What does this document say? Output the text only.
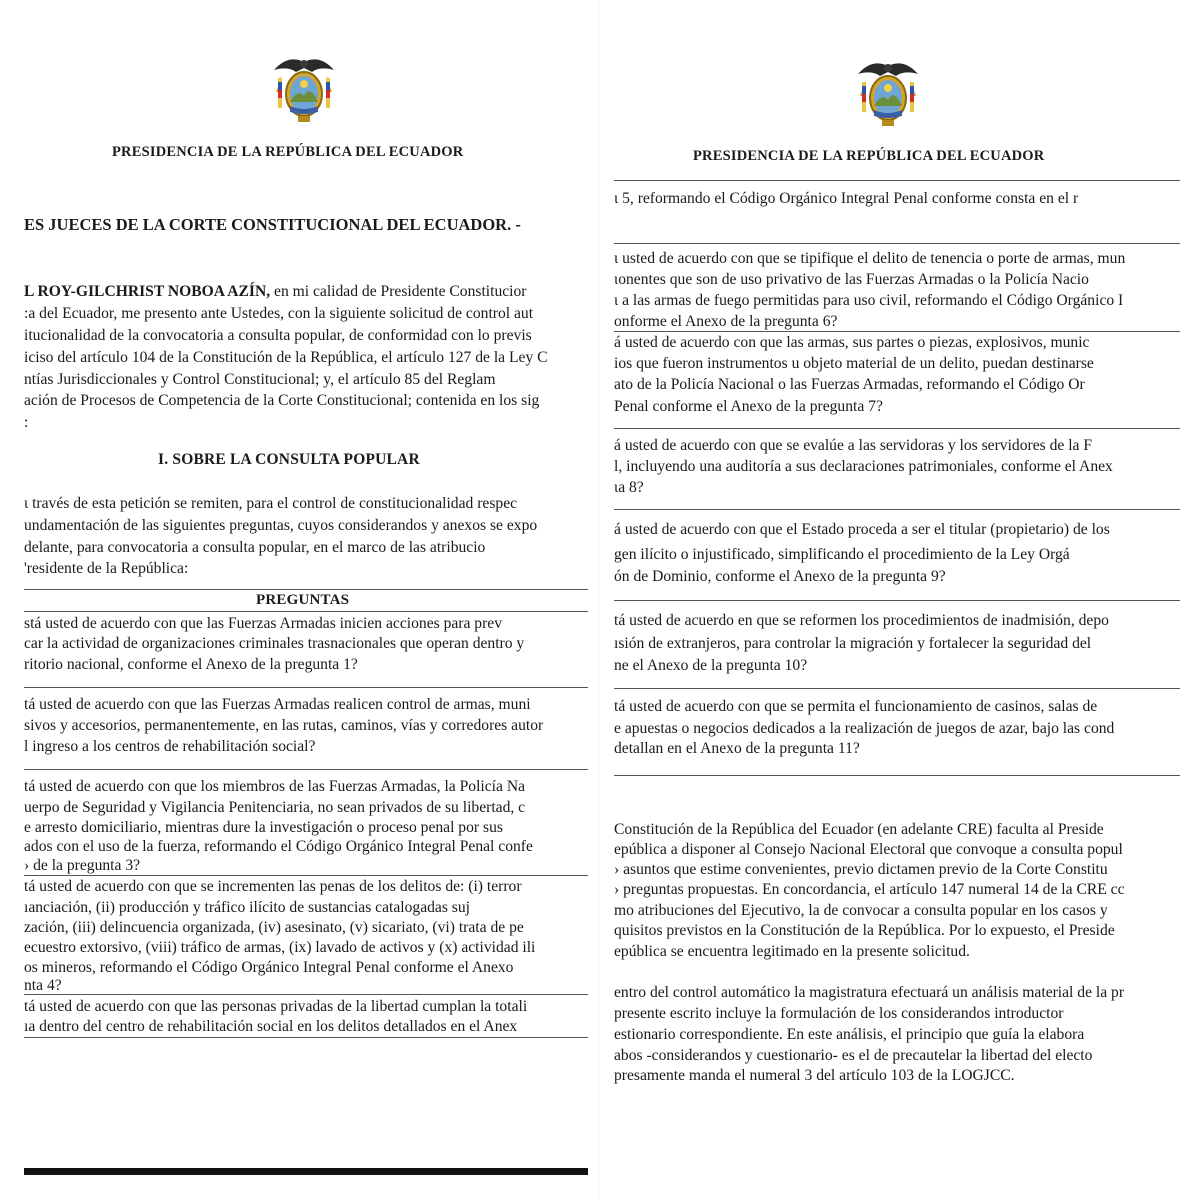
PRESIDENCIA DE LA REPÚBLICA DEL ECUADOR
ES JUECES DE LA CORTE CONSTITUCIONAL DEL ECUADOR. -
L ROY-GILCHRIST NOBOA AZÍN, en mi calidad de Presidente Constitucior
:a del Ecuador, me presento ante Ustedes, con la siguiente solicitud de control aut
itucionalidad de la convocatoria a consulta popular, de conformidad con lo previs
iciso del artículo 104 de la Constitución de la República, el artículo 127 de la Ley C
ntías Jurisdiccionales y Control Constitucional; y, el artículo 85 del Reglam
ación de Procesos de Competencia de la Corte Constitucional; contenida en los sig
:
I. SOBRE LA CONSULTA POPULAR
ι través de esta petición se remiten, para el control de constitucionalidad respec
undamentación de las siguientes preguntas, cuyos considerandos y anexos se expo
delante, para convocatoria a consulta popular, en el marco de las atribucio
'residente de la República:
PREGUNTAS
stá usted de acuerdo con que las Fuerzas Armadas inicien acciones para prev
car la actividad de organizaciones criminales trasnacionales que operan dentro y
ritorio nacional, conforme el Anexo de la pregunta 1?
tá usted de acuerdo con que las Fuerzas Armadas realicen control de armas, muni
sivos y accesorios, permanentemente, en las rutas, caminos, vías y corredores autor
l ingreso a los centros de rehabilitación social?
tá usted de acuerdo con que los miembros de las Fuerzas Armadas, la Policía Na
uerpo de Seguridad y Vigilancia Penitenciaria, no sean privados de su libertad, c
e arresto domiciliario, mientras dure la investigación o proceso penal por sus
ados con el uso de la fuerza, reformando el Código Orgánico Integral Penal confe
› de la pregunta 3?
tá usted de acuerdo con que se incrementen las penas de los delitos de: (i) terror
ıanciación, (ii) producción y tráfico ilícito de sustancias catalogadas suj
zación, (iii) delincuencia organizada, (iv) asesinato, (v) sicariato, (vi) trata de pe
ecuestro extorsivo, (viii) tráfico de armas, (ix) lavado de activos y (x) actividad ili
os mineros, reformando el Código Orgánico Integral Penal conforme el Anexo
nta 4?
tá usted de acuerdo con que las personas privadas de la libertad cumplan la totali
ıa dentro del centro de rehabilitación social en los delitos detallados en el Anex
PRESIDENCIA DE LA REPÚBLICA DEL ECUADOR
ι 5, reformando el Código Orgánico Integral Penal conforme consta en el r
ι usted de acuerdo con que se tipifique el delito de tenencia o porte de armas, mun
ιonentes que son de uso privativo de las Fuerzas Armadas o la Policía Nacio
ι a las armas de fuego permitidas para uso civil, reformando el Código Orgánico I
onforme el Anexo de la pregunta 6?
á usted de acuerdo con que las armas, sus partes o piezas, explosivos, munic
ios que fueron instrumentos u objeto material de un delito, puedan destinarse
ato de la Policía Nacional o las Fuerzas Armadas, reformando el Código Or
Penal conforme el Anexo de la pregunta 7?
á usted de acuerdo con que se evalúe a las servidoras y los servidores de la F
l, incluyendo una auditoría a sus declaraciones patrimoniales, conforme el Anex
ιa 8?
á usted de acuerdo con que el Estado proceda a ser el titular (propietario) de los
gen ilícito o injustificado, simplificando el procedimiento de la Ley Orgá
ón de Dominio, conforme el Anexo de la pregunta 9?
tá usted de acuerdo en que se reformen los procedimientos de inadmisión, depo
ısión de extranjeros, para controlar la migración y fortalecer la seguridad del
ne el Anexo de la pregunta 10?
tá usted de acuerdo con que se permita el funcionamiento de casinos, salas de
e apuestas o negocios dedicados a la realización de juegos de azar, bajo las cond
detallan en el Anexo de la pregunta 11?
Constitución de la República del Ecuador (en adelante CRE) faculta al Preside
epública a disponer al Consejo Nacional Electoral que convoque a consulta popul
› asuntos que estime convenientes, previo dictamen previo de la Corte Constitu
› preguntas propuestas. En concordancia, el artículo 147 numeral 14 de la CRE cc
mo atribuciones del Ejecutivo, la de convocar a consulta popular en los casos y
quisitos previstos en la Constitución de la República. Por lo expuesto, el Preside
epública se encuentra legitimado en la presente solicitud.
entro del control automático la magistratura efectuará un análisis material de la pr
presente escrito incluye la formulación de los considerandos introductor
estionario correspondiente. En este análisis, el principio que guía la elabora
abos -considerandos y cuestionario- es el de precautelar la libertad del electo
presamente manda el numeral 3 del artículo 103 de la LOGJCC.
